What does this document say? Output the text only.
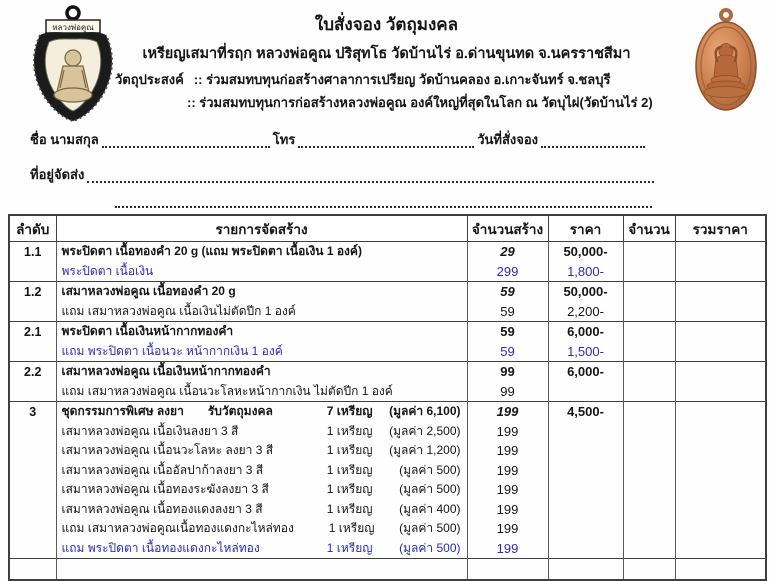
หลวงพ่อคูณ	ใบสั่งจอง วัตถุมงคล
เหรียญเสมาที่รฤก หลวงพ่อคูณ ปริสุทโธ วัดบ้านไร่ อ.ด่านขุนทด จ.นครราชสีมา
วัตถุประสงค์ :: ร่วมสมทบทุนก่อสร้างศาลาการเปรียญ วัดบ้านคลอง อ.เกาะจันทร์ จ.ชลบุรี
:: ร่วมสมทบทุนการก่อสร้างหลวงพ่อคูณ องค์ใหญ่ที่สุดในโลก ณ วัดบุไผ่(วัดบ้านไร่ 2)
ชื่อ นามสกุล	โทร	วันที่สั่งจอง
ที่อยู่จัดส่ง
ลำดับ	รายการจัดสร้าง	จำนวนสร้าง	ราคา	จำนวน	รวมราคา
1.1	พระปิดตา เนื้อทองคำ 20 g (แถม พระปิดตา เนื้อเงิน 1 องค์)	29	50,000-		

	พระปิดตา เนื้อเงิน	299	1,800-		
1.2	เสมาหลวงพ่อคูณ เนื้อทองคำ 20 g	59	50,000-		

	แถม เสมาหลวงพ่อคูณ เนื้อเงินไม่ตัดปีก 1 องค์	59	2,200-		
2.1	พระปิดตา เนื้อเงินหน้ากากทองคำ	59	6,000-		

	แถม พระปิดตา เนื้อนวะ หน้ากากเงิน 1 องค์	59	1,500-		
2.2	เสมาหลวงพ่อคูณ เนื้อเงินหน้ากากทองคำ	99	6,000-		

	แถม เสมาหลวงพ่อคูณ เนื้อนวะโลหะหน้ากากเงิน ไม่ตัดปีก 1 องค์	99			
3	ชุดกรรมการพิเศษ ลงยา รับวัตถุมงคล 7 เหรียญ (มูลค่า 6,100)	199	4,500-		

	เสมาหลวงพ่อคูณ เนื้อเงินลงยา 3 สี 1 เหรียญ (มูลค่า 2,500)	199			

	เสมาหลวงพ่อคูณ เนื้อนวะโลหะ ลงยา 3 สี 1 เหรียญ (มูลค่า 1,200)	199			

	เสมาหลวงพ่อคูณ เนื้ออัลปาก้าลงยา 3 สี 1 เหรียญ (มูลค่า 500)	199			

	เสมาหลวงพ่อคูณ เนื้อทองระฆังลงยา 3 สี 1 เหรียญ (มูลค่า 500)	199			

	เสมาหลวงพ่อคูณ เนื้อทองแดงลงยา 3 สี 1 เหรียญ (มูลค่า 400)	199			

	แถม เสมาหลวงพ่อคูณเนื้อทองแดงกะไหล่ทอง 1 เหรียญ (มูลค่า 500)	199			

	แถม พระปิดตา เนื้อทองแดงกะไหล่ทอง 1 เหรียญ (มูลค่า 500)	199			
